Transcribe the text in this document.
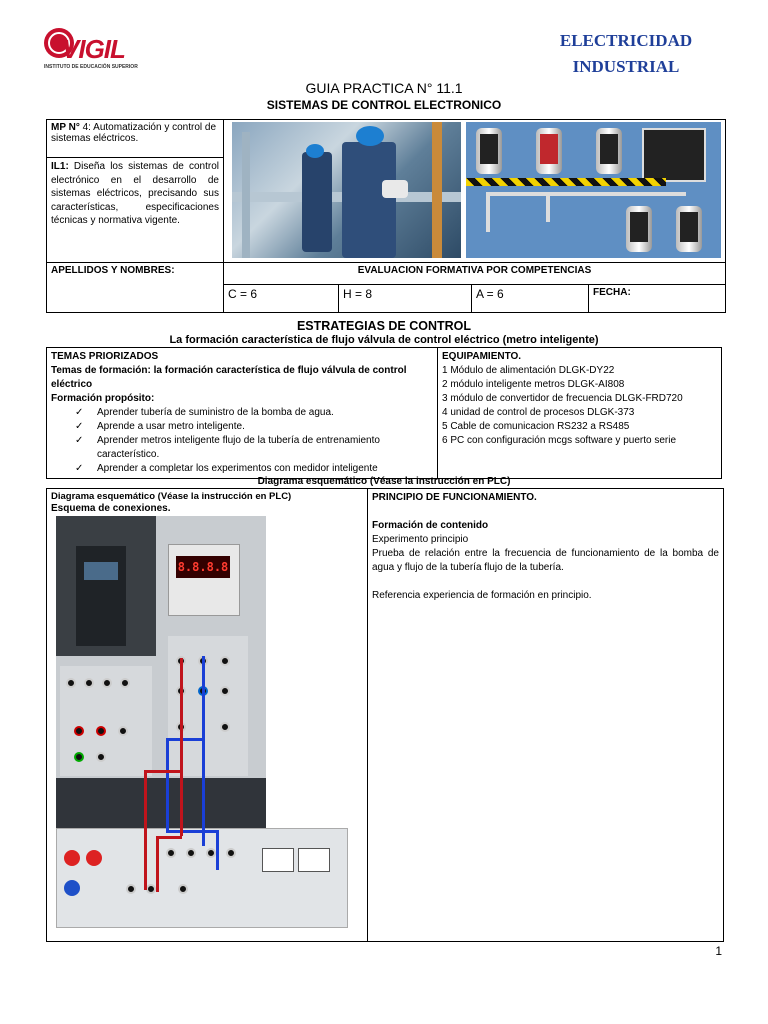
VIGIL
INSTITUTO DE EDUCACIÓN SUPERIOR
ELECTRICIDAD
INDUSTRIAL
GUIA PRACTICA N° 11.1
SISTEMAS DE CONTROL ELECTRONICO
MP N° 4: Automatización y control de sistemas eléctricos.				
IL1: Diseña los sistemas de control electrónico en el desarrollo de sistemas eléctricos, precisando sus características, especificaciones técnicas y normativa vigente.				
APELLIDOS Y NOMBRES:	EVALUACION FORMATIVA POR COMPETENCIAS			
	C = 6	H = 8	A = 6	FECHA:
ESTRATEGIAS DE CONTROL
La formación característica de flujo válvula de control eléctrico (metro inteligente)
TEMAS PRIORIZADOS
Temas de formación: la formación característica de flujo válvula de control eléctrico
Formación propósito:
✓ Aprender tubería de suministro de la bomba de agua.
✓ Aprende a usar metro inteligente.
✓ Aprender metros inteligente flujo de la tubería de entrenamiento característico.
✓ Aprender a completar los experimentos con medidor inteligente

EQUIPAMIENTO.
1 Módulo de alimentación DLGK-DY22
2 módulo inteligente metros DLGK-AI808
3 módulo de convertidor de frecuencia DLGK-FRD720
4 unidad de control de procesos DLGK-373
5 Cable de comunicacion RS232 a RS485
6 PC con configuración mcgs software y puerto serie
Diagrama esquemático (Véase la instrucción en PLC)
Diagrama esquemático (Véase la instrucción en PLC)
Esquema de conexiones.

PRINCIPIO DE FUNCIONAMIENTO.
Formación de contenido
Experimento principio
Prueba de relación entre la frecuencia de funcionamiento de la bomba de agua y flujo de la tubería flujo de la tubería.
Referencia experiencia de formación en principio.
8.8.8.8
1
